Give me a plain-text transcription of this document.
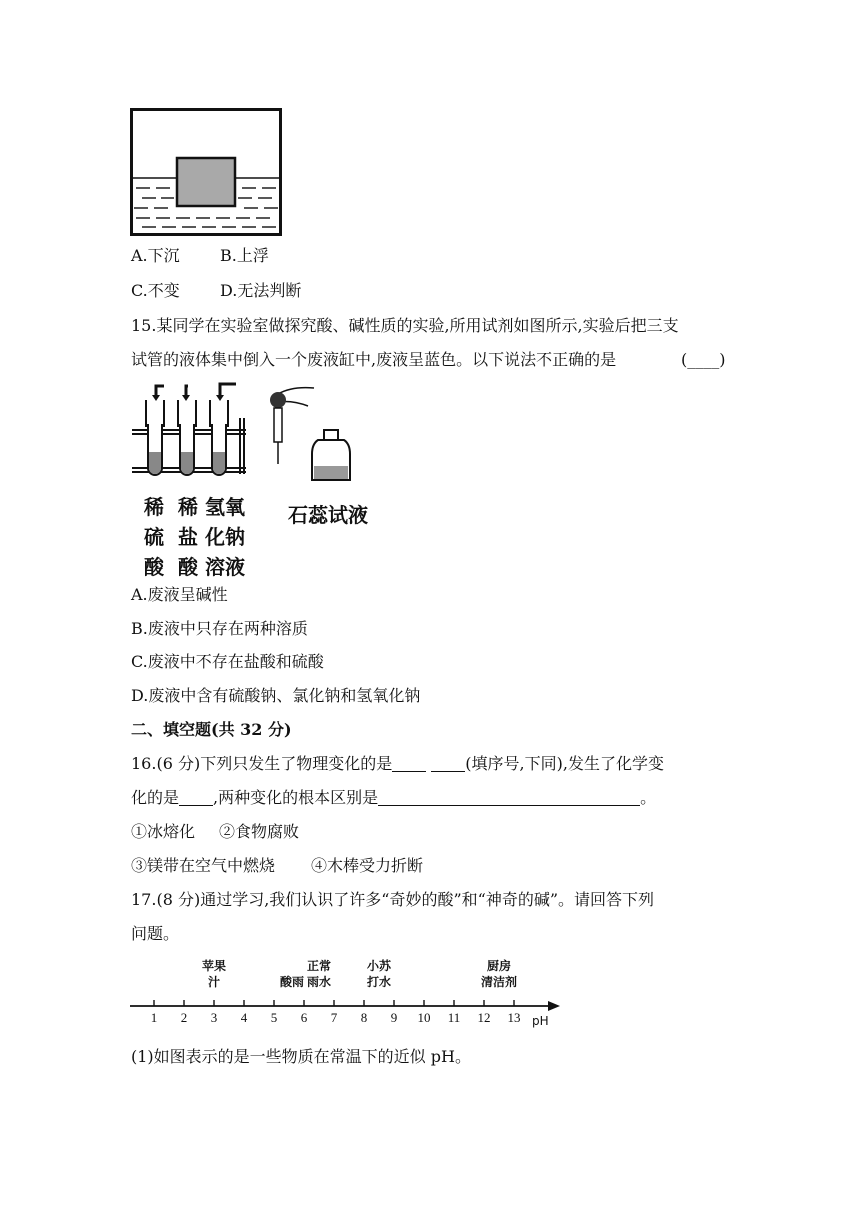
A.下沉	B.上浮
C.不变	D.无法判断
15.某同学在实验室做探究酸、碱性质的实验,所用试剂如图所示,实验后把三支
试管的液体集中倒入一个废液缸中,废液呈蓝色。以下说法不正确的是	(____)
稀
硫
酸
稀
盐
酸
氢氧
化钠
溶液
石蕊试液
A.废液呈碱性
B.废液中只存在两种溶质
C.废液中不存在盐酸和硫酸
D.废液中含有硫酸钠、氯化钠和氢氧化钠
二、填空题(共 32 分)
16.(6 分)下列只发生了物理变化的是	(填序号,下同),发生了化学变
化的是 ,两种变化的根本区别是	。
①冰熔化 ②食物腐败
③镁带在空气中燃烧 ④木棒受力折断
17.(8 分)通过学习,我们认识了许多“奇妙的酸”和“神奇的碱”。请回答下列
问题。
1	2	3	4	5	6	7	8	9	10	11	12	13
苹果
汁	酸雨
正常
雨水
小苏
打水
厨房
清洁剂
pH
(1)如图表示的是一些物质在常温下的近似 pH。
